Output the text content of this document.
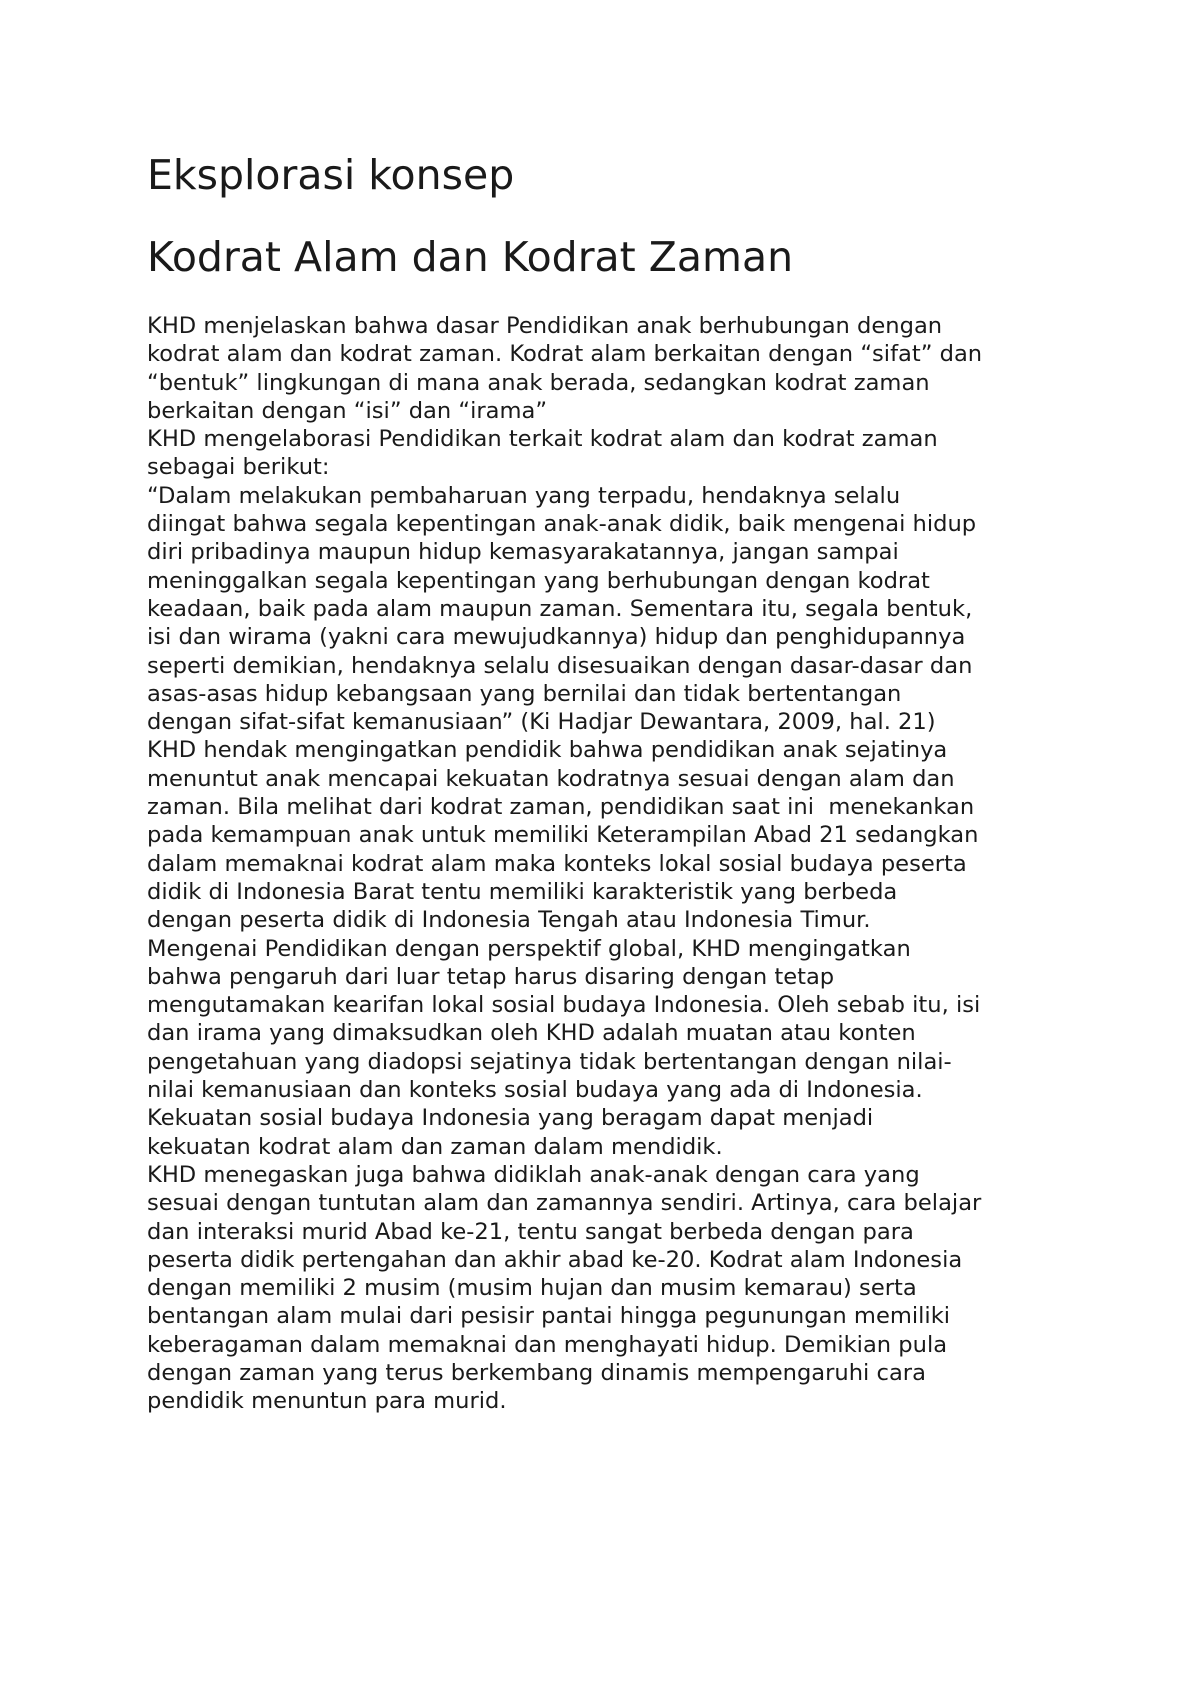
Eksplorasi konsep
Kodrat Alam dan Kodrat Zaman
KHD menjelaskan bahwa dasar Pendidikan anak berhubungan dengan
kodrat alam dan kodrat zaman. Kodrat alam berkaitan dengan “sifat” dan
“bentuk” lingkungan di mana anak berada, sedangkan kodrat zaman
berkaitan dengan “isi” dan “irama”
KHD mengelaborasi Pendidikan terkait kodrat alam dan kodrat zaman
sebagai berikut:
“Dalam melakukan pembaharuan yang terpadu, hendaknya selalu
diingat bahwa segala kepentingan anak-anak didik, baik mengenai hidup
diri pribadinya maupun hidup kemasyarakatannya, jangan sampai
meninggalkan segala kepentingan yang berhubungan dengan kodrat
keadaan, baik pada alam maupun zaman. Sementara itu, segala bentuk,
isi dan wirama (yakni cara mewujudkannya) hidup dan penghidupannya
seperti demikian, hendaknya selalu disesuaikan dengan dasar-dasar dan
asas-asas hidup kebangsaan yang bernilai dan tidak bertentangan
dengan sifat-sifat kemanusiaan” (Ki Hadjar Dewantara, 2009, hal. 21)
KHD hendak mengingatkan pendidik bahwa pendidikan anak sejatinya
menuntut anak mencapai kekuatan kodratnya sesuai dengan alam dan
zaman. Bila melihat dari kodrat zaman, pendidikan saat ini  menekankan
pada kemampuan anak untuk memiliki Keterampilan Abad 21 sedangkan
dalam memaknai kodrat alam maka konteks lokal sosial budaya peserta
didik di Indonesia Barat tentu memiliki karakteristik yang berbeda
dengan peserta didik di Indonesia Tengah atau Indonesia Timur.
Mengenai Pendidikan dengan perspektif global, KHD mengingatkan
bahwa pengaruh dari luar tetap harus disaring dengan tetap
mengutamakan kearifan lokal sosial budaya Indonesia. Oleh sebab itu, isi
dan irama yang dimaksudkan oleh KHD adalah muatan atau konten
pengetahuan yang diadopsi sejatinya tidak bertentangan dengan nilai-
nilai kemanusiaan dan konteks sosial budaya yang ada di Indonesia.
Kekuatan sosial budaya Indonesia yang beragam dapat menjadi
kekuatan kodrat alam dan zaman dalam mendidik.
KHD menegaskan juga bahwa didiklah anak-anak dengan cara yang
sesuai dengan tuntutan alam dan zamannya sendiri. Artinya, cara belajar
dan interaksi murid Abad ke-21, tentu sangat berbeda dengan para
peserta didik pertengahan dan akhir abad ke-20. Kodrat alam Indonesia
dengan memiliki 2 musim (musim hujan dan musim kemarau) serta
bentangan alam mulai dari pesisir pantai hingga pegunungan memiliki
keberagaman dalam memaknai dan menghayati hidup. Demikian pula
dengan zaman yang terus berkembang dinamis mempengaruhi cara
pendidik menuntun para murid.
